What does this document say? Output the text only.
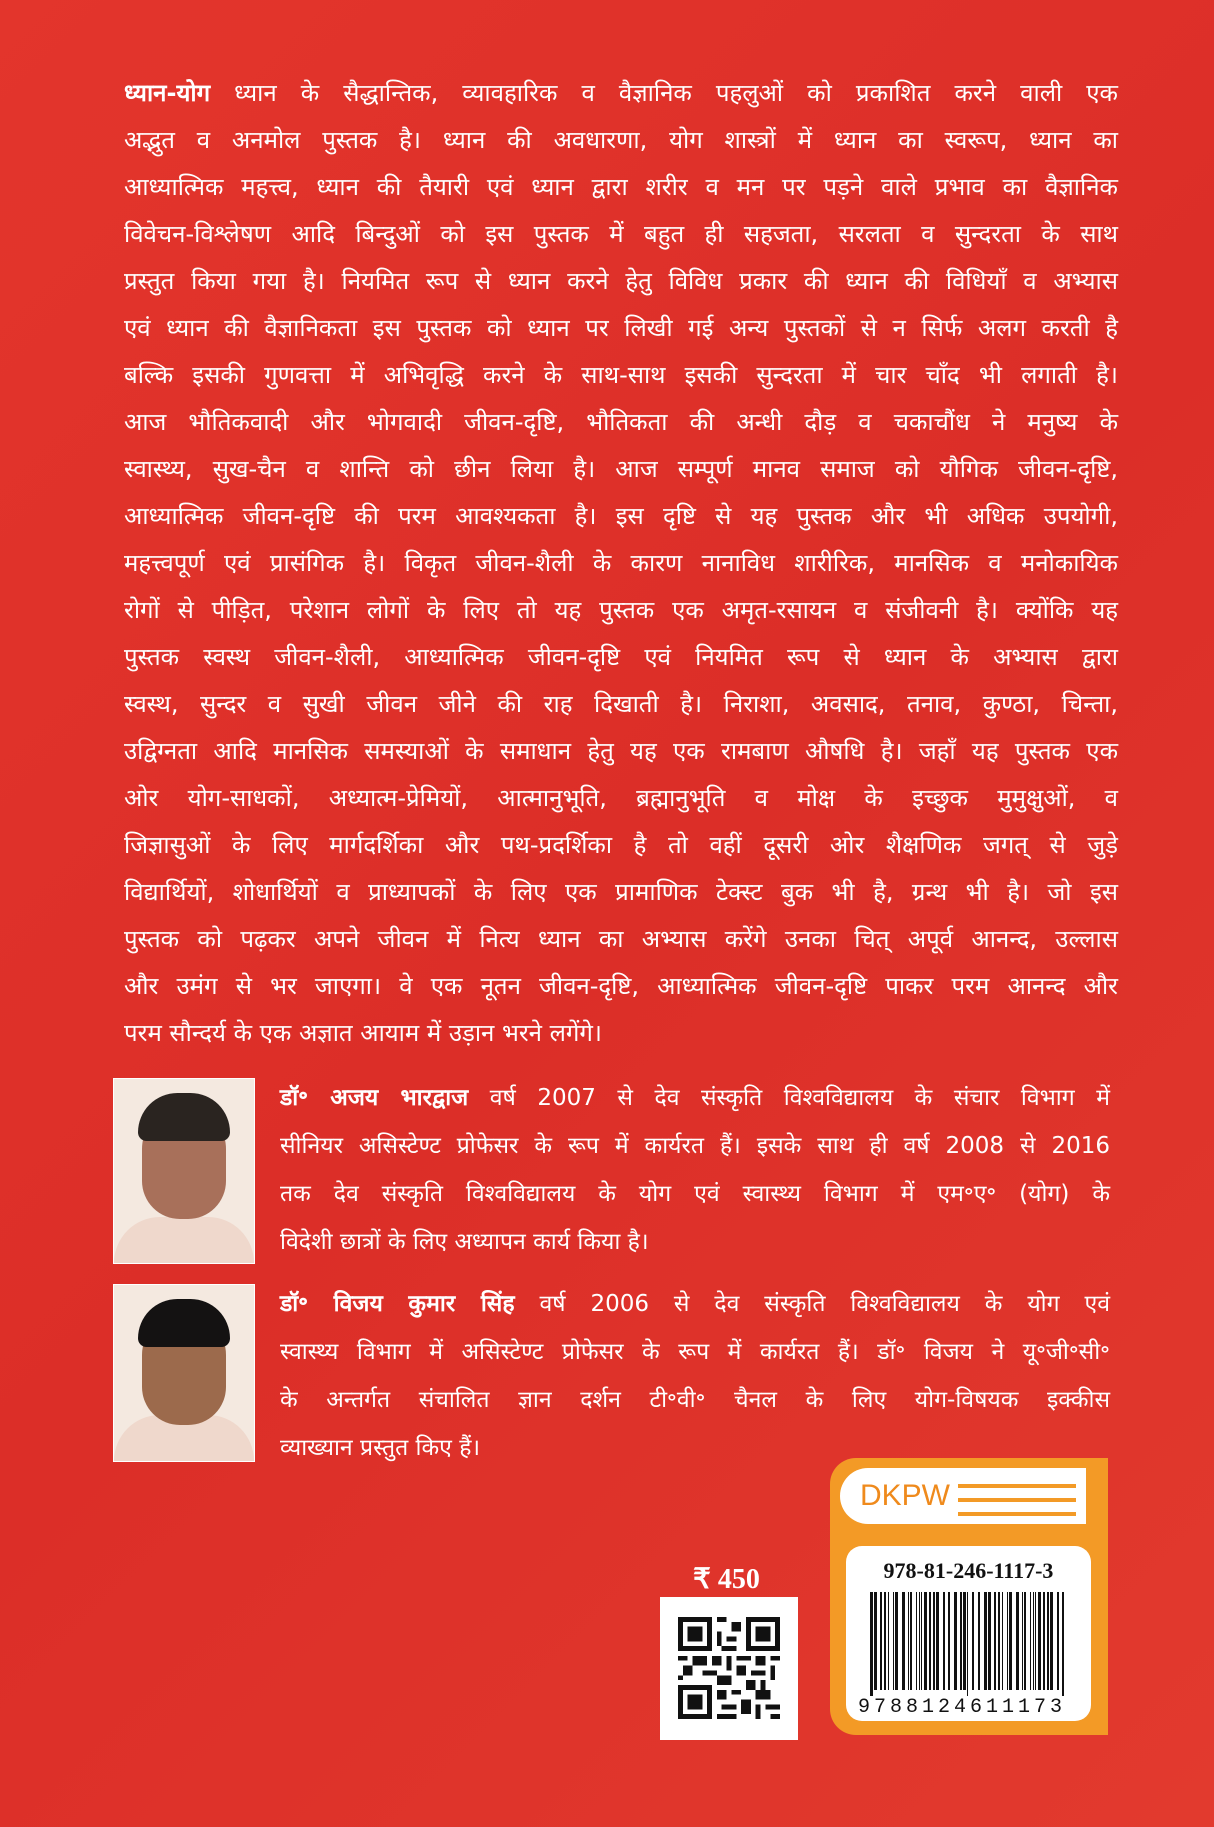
ध्यान-योग ध्यान के सैद्धान्तिक, व्यावहारिक व वैज्ञानिक पहलुओं को प्रकाशित करने वाली एक
अद्भुत व अनमोल पुस्तक है। ध्यान की अवधारणा, योग शास्त्रों में ध्यान का स्वरूप, ध्यान का
आध्यात्मिक महत्त्व, ध्यान की तैयारी एवं ध्यान द्वारा शरीर व मन पर पड़ने वाले प्रभाव का वैज्ञानिक
विवेचन-विश्लेषण आदि बिन्दुओं को इस पुस्तक में बहुत ही सहजता, सरलता व सुन्दरता के साथ
प्रस्तुत किया गया है। नियमित रूप से ध्यान करने हेतु विविध प्रकार की ध्यान की विधियाँ व अभ्यास
एवं ध्यान की वैज्ञानिकता इस पुस्तक को ध्यान पर लिखी गई अन्य पुस्तकों से न सिर्फ अलग करती है
बल्कि इसकी गुणवत्ता में अभिवृद्धि करने के साथ-साथ इसकी सुन्दरता में चार चाँद भी लगाती है।
आज भौतिकवादी और भोगवादी जीवन-दृष्टि, भौतिकता की अन्धी दौड़ व चकाचौंध ने मनुष्य के
स्वास्थ्य, सुख-चैन व शान्ति को छीन लिया है। आज सम्पूर्ण मानव समाज को यौगिक जीवन-दृष्टि,
आध्यात्मिक जीवन-दृष्टि की परम आवश्यकता है। इस दृष्टि से यह पुस्तक और भी अधिक उपयोगी,
महत्त्वपूर्ण एवं प्रासंगिक है। विकृत जीवन-शैली के कारण नानाविध शारीरिक, मानसिक व मनोकायिक
रोगों से पीड़ित, परेशान लोगों के लिए तो यह पुस्तक एक अमृत-रसायन व संजीवनी है। क्योंकि यह
पुस्तक स्वस्थ जीवन-शैली, आध्यात्मिक जीवन-दृष्टि एवं नियमित रूप से ध्यान के अभ्यास द्वारा
स्वस्थ, सुन्दर व सुखी जीवन जीने की राह दिखाती है। निराशा, अवसाद, तनाव, कुण्ठा, चिन्ता,
उद्विग्नता आदि मानसिक समस्याओं के समाधान हेतु यह एक रामबाण औषधि है। जहाँ यह पुस्तक एक
ओर योग-साधकों, अध्यात्म-प्रेमियों, आत्मानुभूति, ब्रह्मानुभूति व मोक्ष के इच्छुक मुमुक्षुओं, व
जिज्ञासुओं के लिए मार्गदर्शिका और पथ-प्रदर्शिका है तो वहीं दूसरी ओर शैक्षणिक जगत् से जुड़े
विद्यार्थियों, शोधार्थियों व प्राध्यापकों के लिए एक प्रामाणिक टेक्स्ट बुक भी है, ग्रन्थ भी है। जो इस
पुस्तक को पढ़कर अपने जीवन में नित्य ध्यान का अभ्यास करेंगे उनका चित् अपूर्व आनन्द, उल्लास
और उमंग से भर जाएगा। वे एक नूतन जीवन-दृष्टि, आध्यात्मिक जीवन-दृष्टि पाकर परम आनन्द और
परम सौन्दर्य के एक अज्ञात आयाम में उड़ान भरने लगेंगे।
डॉ॰ अजय भारद्वाज वर्ष 2007 से देव संस्कृति विश्वविद्यालय के संचार विभाग में
सीनियर असिस्टेण्ट प्रोफेसर के रूप में कार्यरत हैं। इसके साथ ही वर्ष 2008 से 2016
तक देव संस्कृति विश्वविद्यालय के योग एवं स्वास्थ्य विभाग में एम॰ए॰ (योग) के
विदेशी छात्रों के लिए अध्यापन कार्य किया है।
डॉ॰ विजय कुमार सिंह वर्ष 2006 से देव संस्कृति विश्वविद्यालय के योग एवं
स्वास्थ्य विभाग में असिस्टेण्ट प्रोफेसर के रूप में कार्यरत हैं। डॉ॰ विजय ने यू॰जी॰सी॰
के अन्तर्गत संचालित ज्ञान दर्शन टी॰वी॰ चैनल के लिए योग-विषयक इक्कीस
व्याख्यान प्रस्तुत किए हैं।
₹ 450
DKPW
978-81-246-1117-3
9788124611173
